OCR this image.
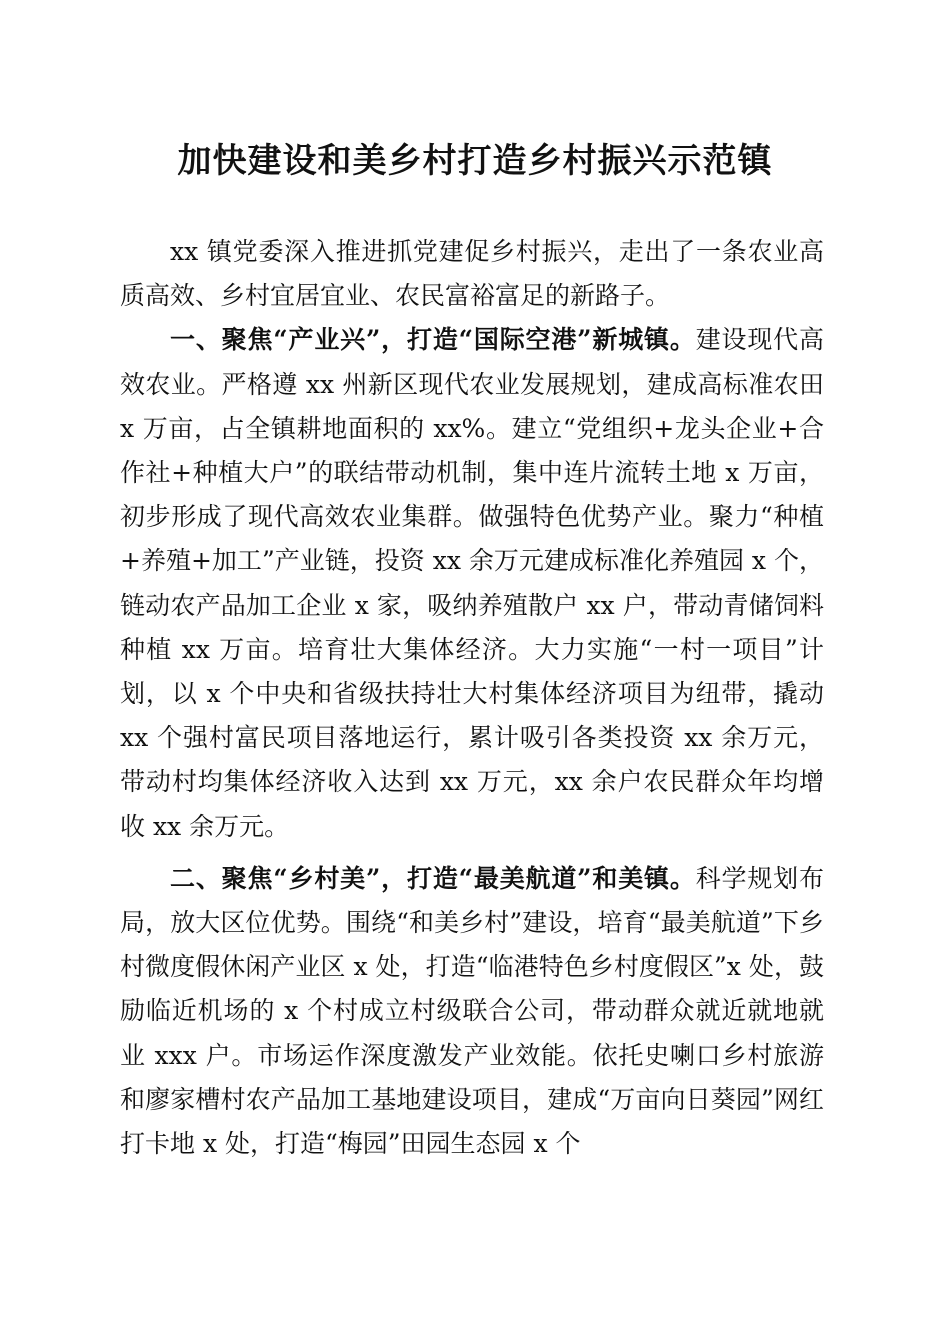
加快建设和美乡村打造乡村振兴示范镇

xx 镇党委深入推进抓党建促乡村振兴，走出了一条农业高质高效、乡村宜居宜业、农民富裕富足的新路子。

一、聚焦“产业兴”，打造“国际空港”新城镇。建设现代高效农业。严格遵 xx 州新区现代农业发展规划，建成高标准农田 x 万亩，占全镇耕地面积的 xx%。建立“党组织+龙头企业+合作社+种植大户”的联结带动机制，集中连片流转土地 x 万亩，初步形成了现代高效农业集群。做强特色优势产业。聚力“种植+养殖+加工”产业链，投资 xx 余万元建成标准化养殖园 x 个，链动农产品加工企业 x 家，吸纳养殖散户 xx 户，带动青储饲料种植 xx 万亩。培育壮大集体经济。大力实施“一村一项目”计划，以 x 个中央和省级扶持壮大村集体经济项目为纽带，撬动 xx 个强村富民项目落地运行，累计吸引各类投资 xx 余万元，带动村均集体经济收入达到 xx 万元，xx 余户农民群众年均增收 xx 余万元。

二、聚焦“乡村美”，打造“最美航道”和美镇。科学规划布局，放大区位优势。围绕“和美乡村”建设，培育“最美航道”下乡村微度假休闲产业区 x 处，打造“临港特色乡村度假区”x 处，鼓励临近机场的 x 个村成立村级联合公司，带动群众就近就地就业 xxx 户。市场运作深度激发产业效能。依托史喇口乡村旅游和廖家槽村农产品加工基地建设项目，建成“万亩向日葵园”网红打卡地 x 处，打造“梅园”田园生态园 x 个
